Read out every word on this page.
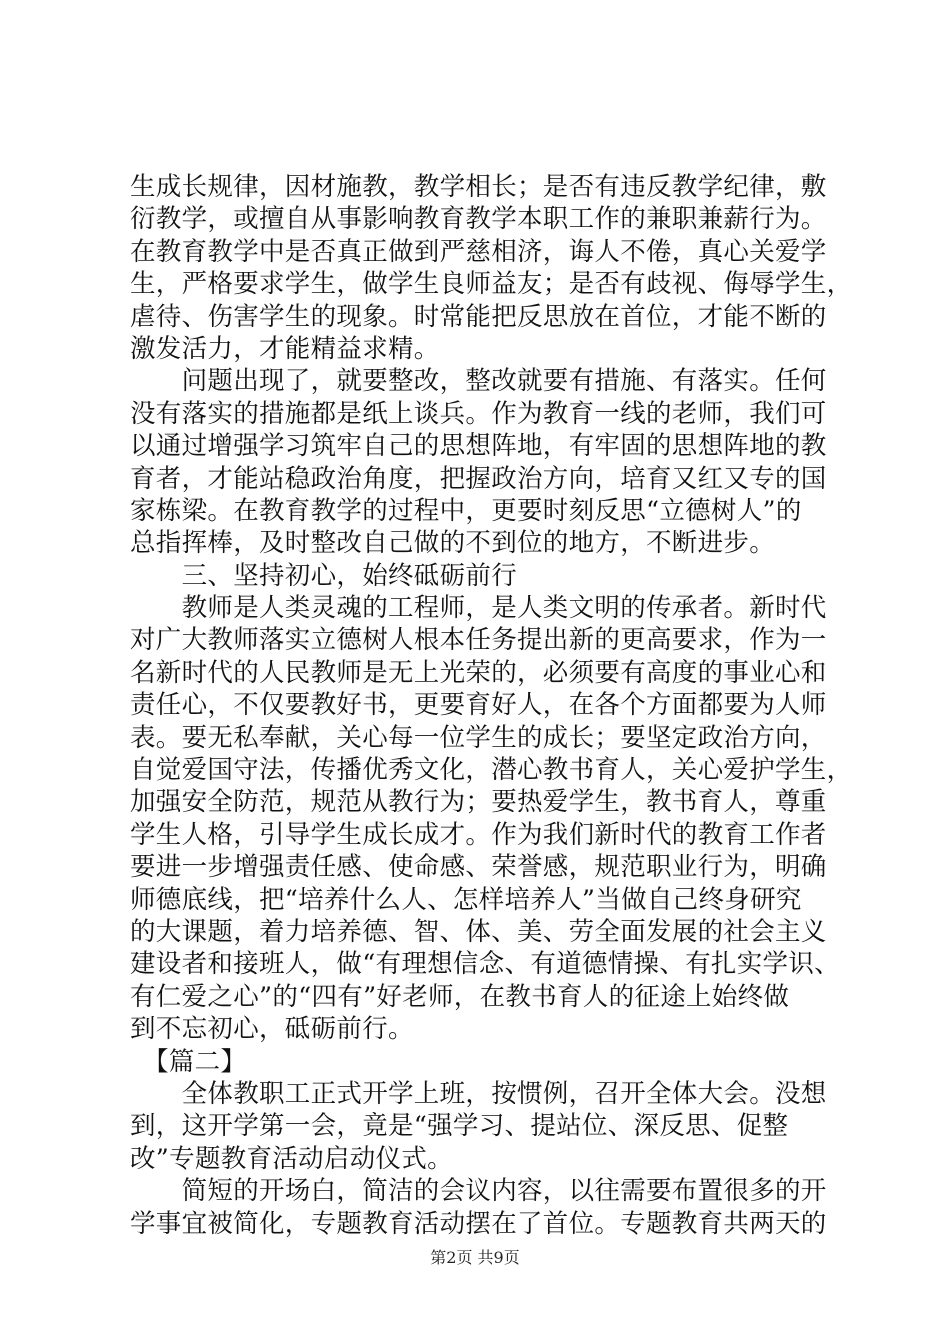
生成长规律，因材施教，教学相长；是否有违反教学纪律，敷
衍教学，或擅自从事影响教育教学本职工作的兼职兼薪行为。
在教育教学中是否真正做到严慈相济，诲人不倦，真心关爱学
生，严格要求学生，做学生良师益友；是否有歧视、侮辱学生，
虐待、伤害学生的现象。时常能把反思放在首位，才能不断的
激发活力，才能精益求精。
　　问题出现了，就要整改，整改就要有措施、有落实。任何
没有落实的措施都是纸上谈兵。作为教育一线的老师，我们可
以通过增强学习筑牢自己的思想阵地，有牢固的思想阵地的教
育者，才能站稳政治角度，把握政治方向，培育又红又专的国
家栋梁。在教育教学的过程中，更要时刻反思“立德树人”的
总指挥棒，及时整改自己做的不到位的地方，不断进步。
　　三、坚持初心，始终砥砺前行
　　教师是人类灵魂的工程师，是人类文明的传承者。新时代
对广大教师落实立德树人根本任务提出新的更高要求，作为一
名新时代的人民教师是无上光荣的，必须要有高度的事业心和
责任心，不仅要教好书，更要育好人，在各个方面都要为人师
表。要无私奉献，关心每一位学生的成长；要坚定政治方向，
自觉爱国守法，传播优秀文化，潜心教书育人，关心爱护学生，
加强安全防范，规范从教行为；要热爱学生，教书育人，尊重
学生人格，引导学生成长成才。作为我们新时代的教育工作者
要进一步增强责任感、使命感、荣誉感，规范职业行为，明确
师德底线，把“培养什么人、怎样培养人”当做自己终身研究
的大课题，着力培养德、智、体、美、劳全面发展的社会主义
建设者和接班人，做“有理想信念、有道德情操、有扎实学识、
有仁爱之心”的“四有”好老师，在教书育人的征途上始终做
到不忘初心，砥砺前行。
　【篇二】
　　全体教职工正式开学上班，按惯例，召开全体大会。没想
到，这开学第一会，竟是“强学习、提站位、深反思、促整
改”专题教育活动启动仪式。
　　简短的开场白，简洁的会议内容，以往需要布置很多的开
学事宜被简化，专题教育活动摆在了首位。专题教育共两天的
第2页 共9页
